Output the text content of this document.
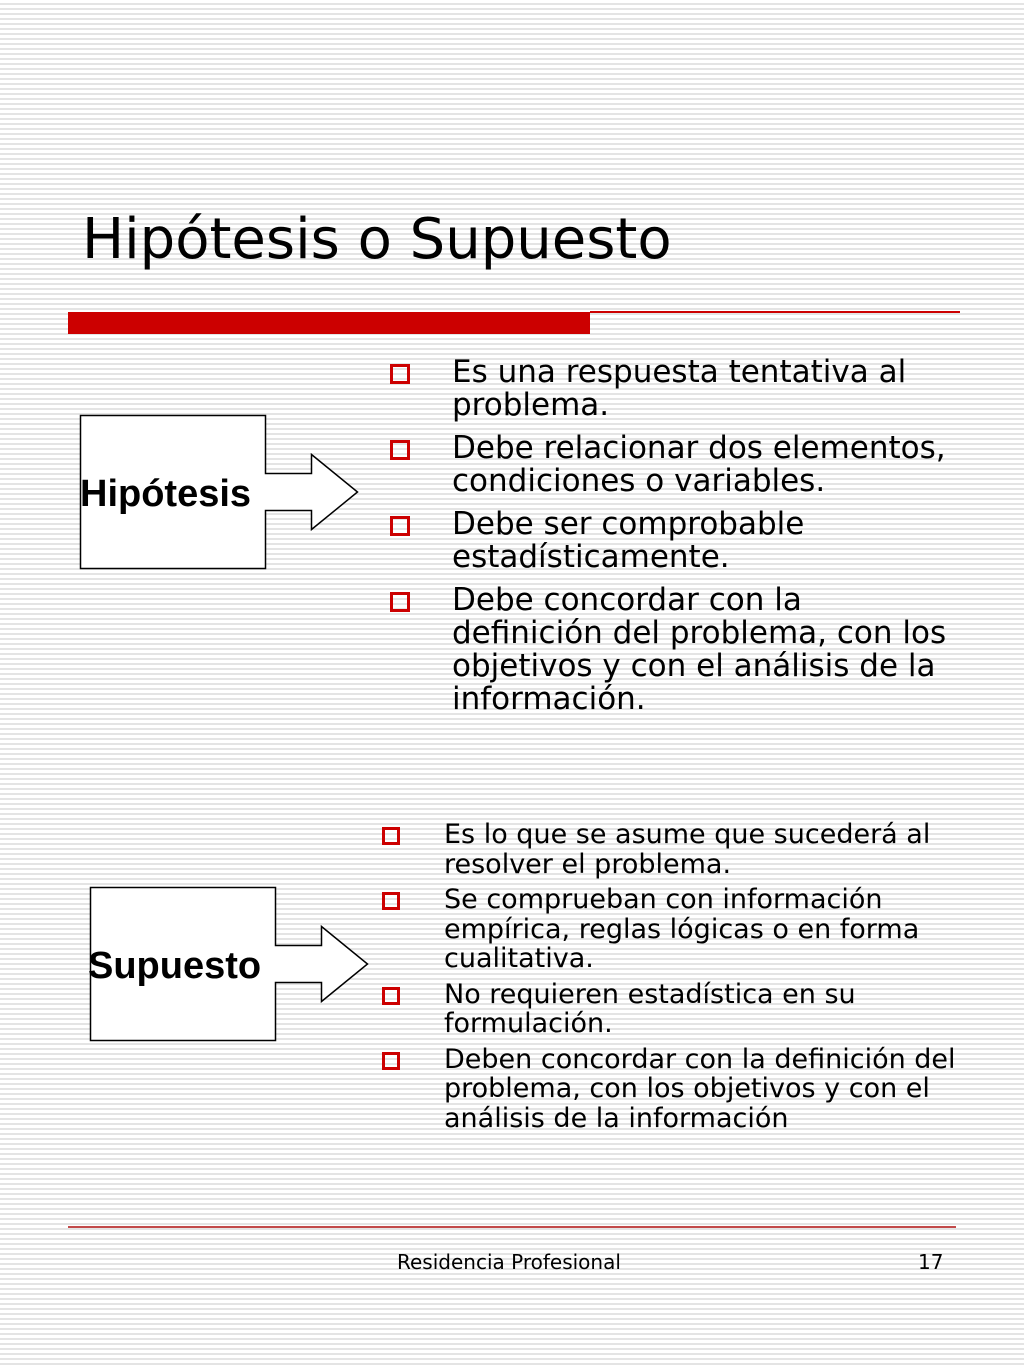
Hipótesis o Supuesto
Hipótesis
Es una respuesta tentativa al problema.
Debe relacionar dos elementos, condiciones o variables.
Debe ser comprobable estadísticamente.
Debe concordar con la definición del problema, con los objetivos y con el análisis de la información.
Supuesto
Es lo que se asume que sucederá al resolver el problema.
Se comprueban con información empírica, reglas lógicas o en forma cualitativa.
No requieren estadística en su formulación.
Deben concordar con la definición del problema, con los objetivos y con el análisis de la información
Residencia Profesional	17
